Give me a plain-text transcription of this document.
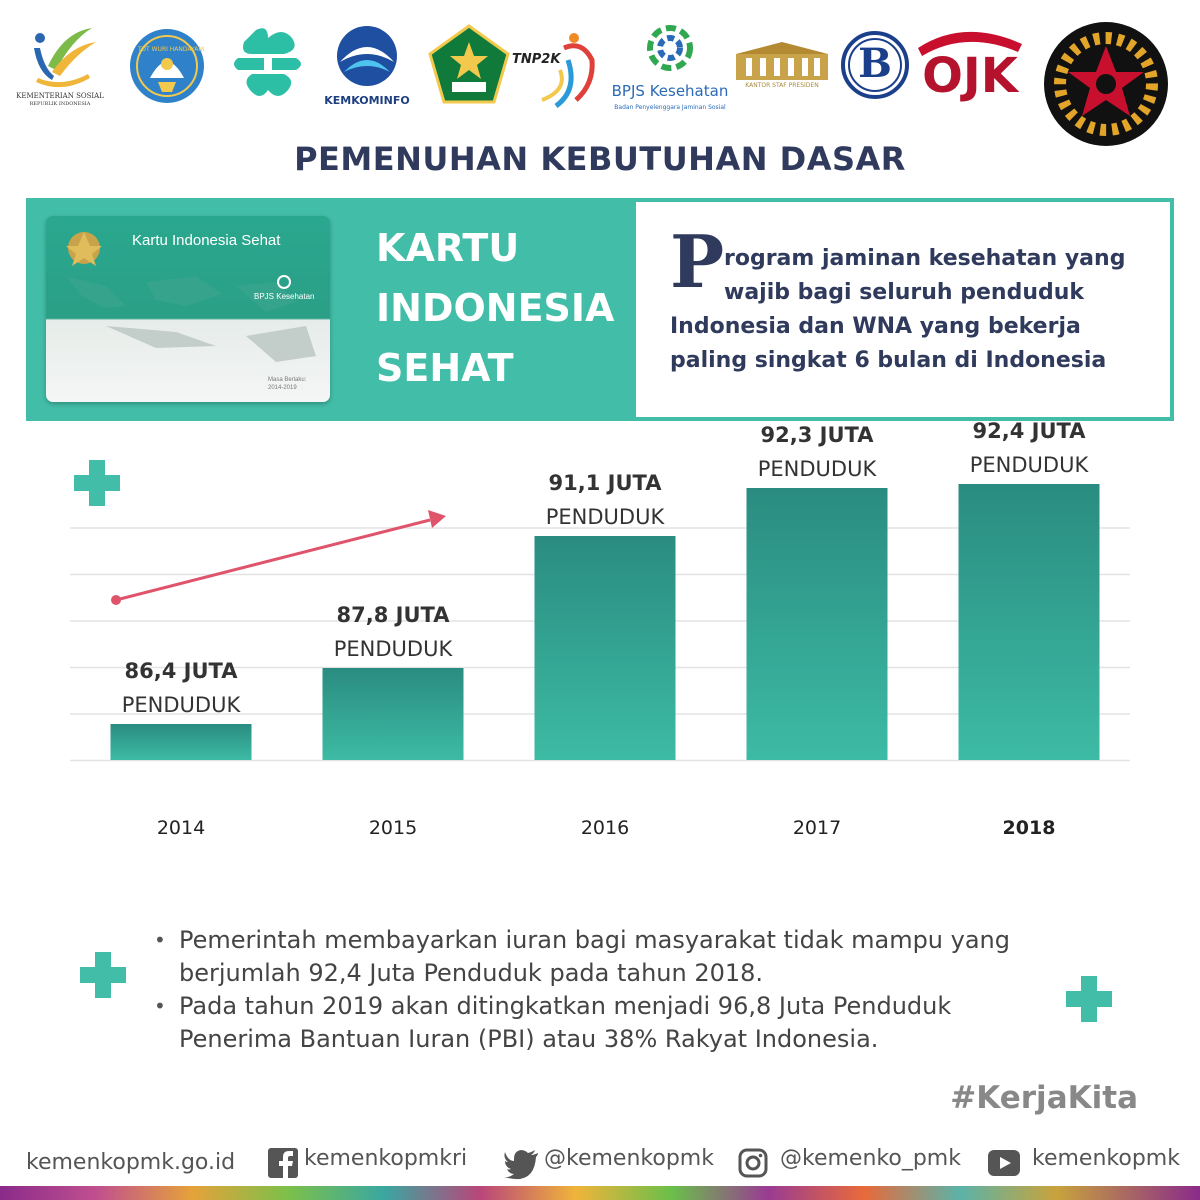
KEMENTERIAN SOSIAL
REPUBLIK INDONESIA
TUT WURI HANDAYANI
KEMKOMINFO
TNP2K
BPJS Kesehatan
Badan Penyelenggara Jaminan Sosial
KANTOR STAF PRESIDEN B OJK
PEMENUHAN KEBUTUHAN DASAR
Kartu Indonesia Sehat
BPJS Kesehatan
Masa Berlaku:
2014-2019
KARTU
INDONESIA
SEHAT
P rogram jaminan kesehatan yang
wajib bagi seluruh penduduk
Indonesia dan WNA yang bekerja
paling singkat 6 bulan di Indonesia
86,4 JUTA
PENDUDUK
87,8 JUTA
PENDUDUK
91,1 JUTA
PENDUDUK
92,3 JUTA
PENDUDUK
92,4 JUTA
PENDUDUK
2014	2015	2016	2017	2018
• Pemerintah membayarkan iuran bagi masyarakat tidak mampu yang
berjumlah 92,4 Juta Penduduk pada tahun 2018.
• Pada tahun 2019 akan ditingkatkan menjadi 96,8 Juta Penduduk
Penerima Bantuan Iuran (PBI) atau 38% Rakyat Indonesia.
#KerjaKita
kemenkopmk.go.id	kemenkopmkri	@kemenkopmk	@kemenko_pmk	kemenkopmk
